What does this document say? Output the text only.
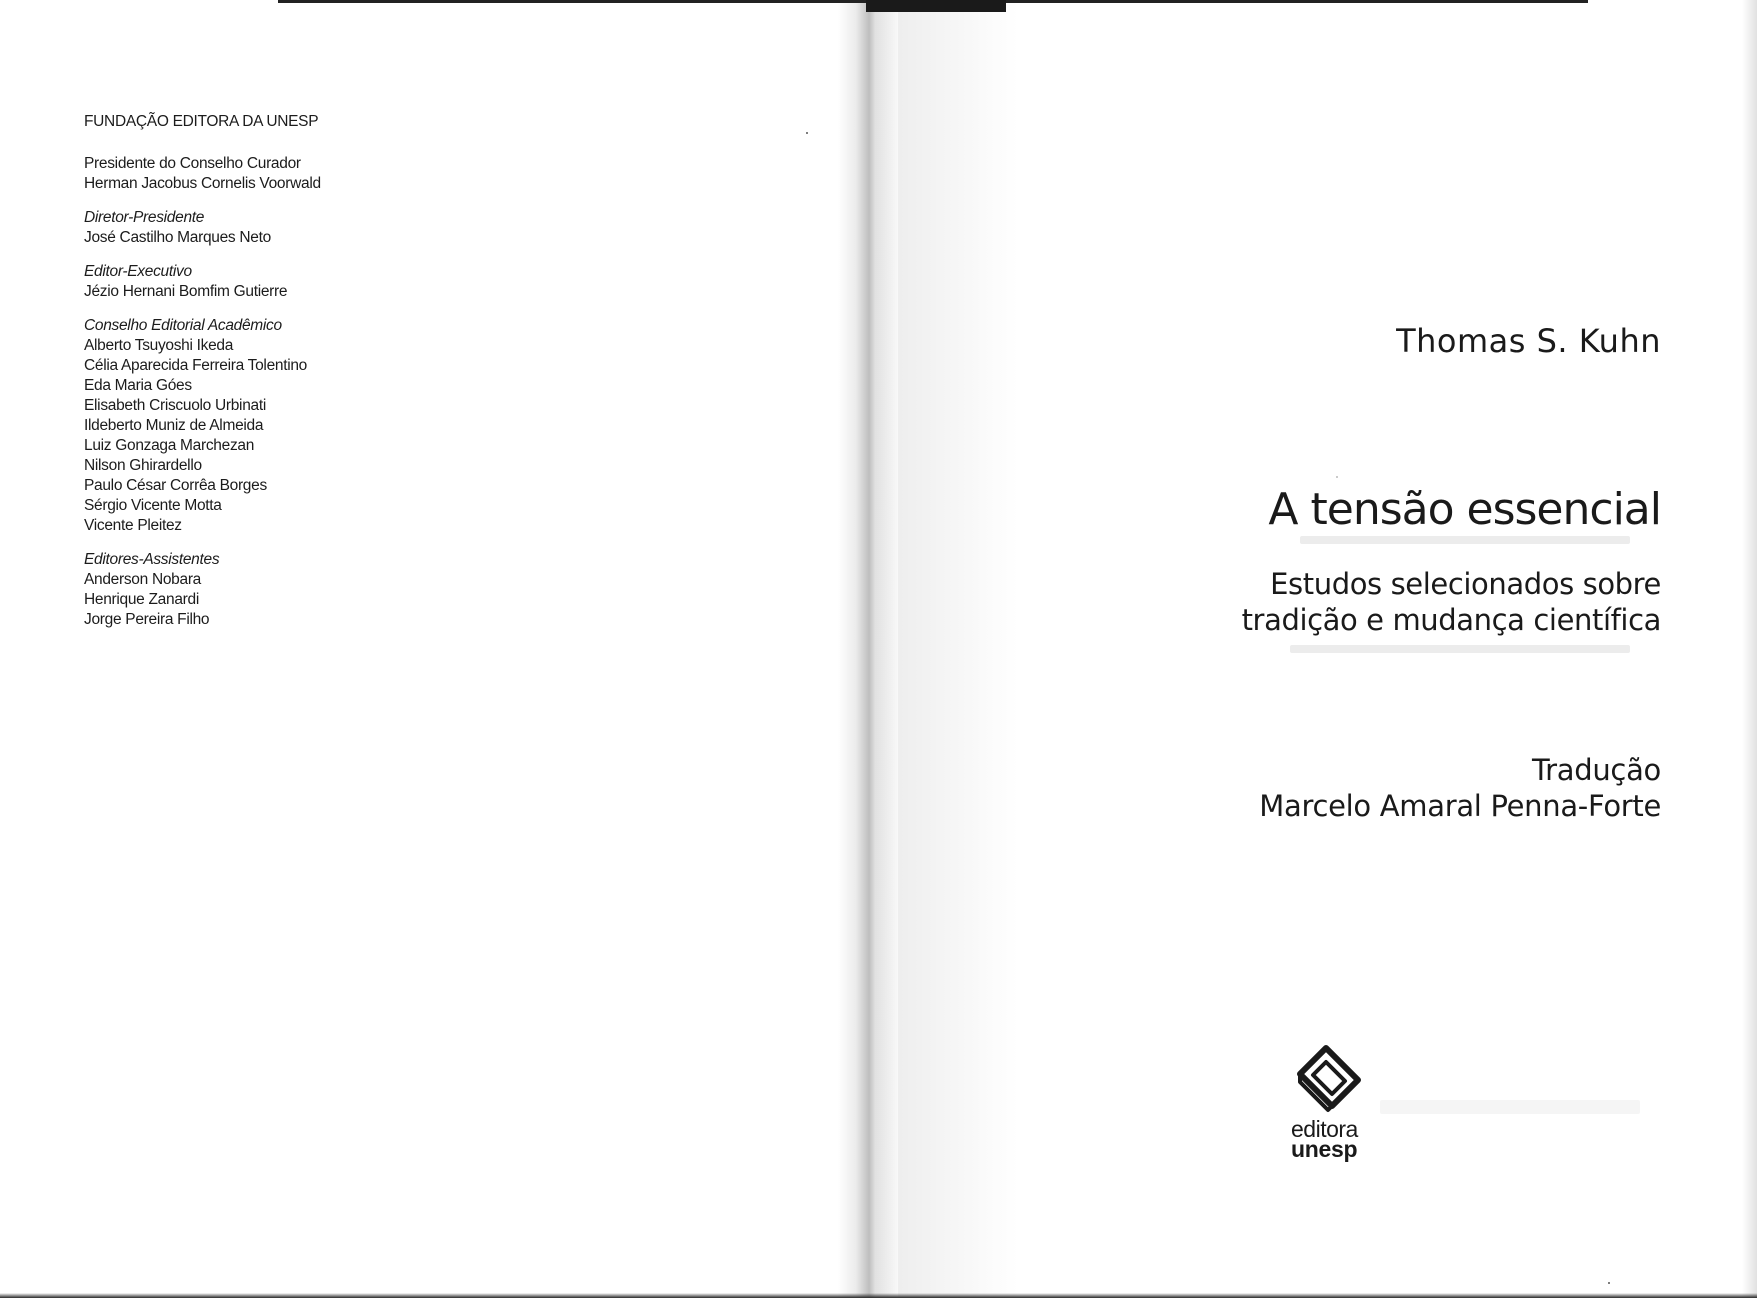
FUNDAÇÃO EDITORA DA UNESP
Presidente do Conselho Curador
Herman Jacobus Cornelis Voorwald
Diretor-Presidente
José Castilho Marques Neto
Editor-Executivo
Jézio Hernani Bomfim Gutierre
Conselho Editorial Acadêmico
Alberto Tsuyoshi Ikeda
Célia Aparecida Ferreira Tolentino
Eda Maria Góes
Elisabeth Criscuolo Urbinati
Ildeberto Muniz de Almeida
Luiz Gonzaga Marchezan
Nilson Ghirardello
Paulo César Corrêa Borges
Sérgio Vicente Motta
Vicente Pleitez
Editores-Assistentes
Anderson Nobara
Henrique Zanardi
Jorge Pereira Filho
Thomas S. Kuhn
A tensão essencial
Estudos selecionados sobre
tradição e mudança científica
Tradução
Marcelo Amaral Penna-Forte
editora
unesp
